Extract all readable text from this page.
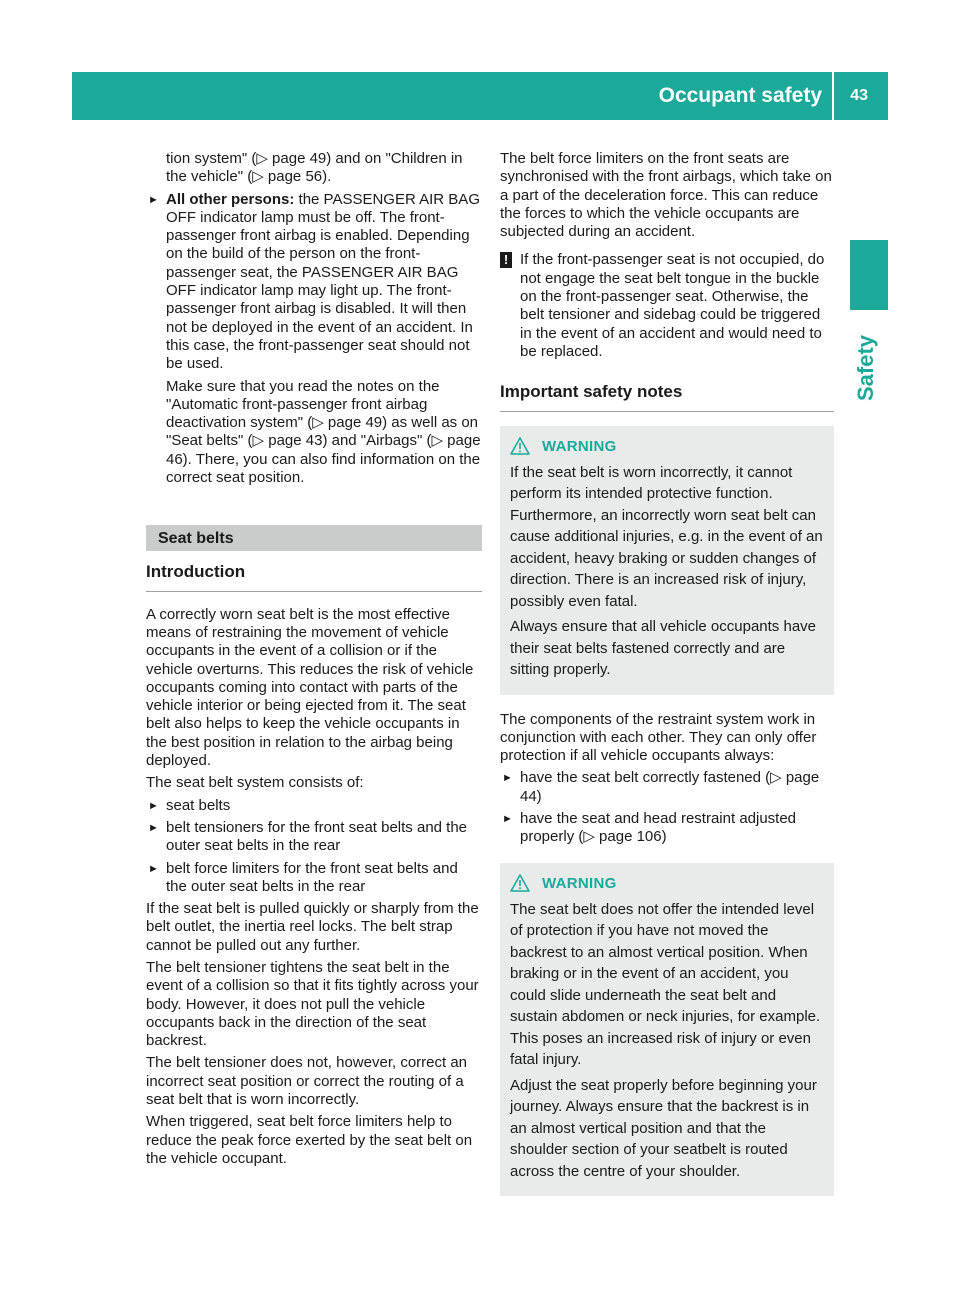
Occupant safety 43
Safety

tion system" (▷ page 49) and on "Children in the vehicle" (▷ page 56).

► All other persons: the PASSENGER AIR BAG OFF indicator lamp must be off. The front-passenger front airbag is enabled. Depending on the build of the person on the front-passenger seat, the PASSENGER AIR BAG OFF indicator lamp may light up. The front-passenger front airbag is disabled. It will then not be deployed in the event of an accident. In this case, the front-passenger seat should not be used.

Make sure that you read the notes on the "Automatic front-passenger front airbag deactivation system" (▷ page 49) as well as on "Seat belts" (▷ page 43) and "Airbags" (▷ page 46). There, you can also find information on the correct seat position.

Seat belts
Introduction

A correctly worn seat belt is the most effective means of restraining the movement of vehicle occupants in the event of a collision or if the vehicle overturns. This reduces the risk of vehicle occupants coming into contact with parts of the vehicle interior or being ejected from it. The seat belt also helps to keep the vehicle occupants in the best position in relation to the airbag being deployed.

The seat belt system consists of:

► seat belts
► belt tensioners for the front seat belts and the outer seat belts in the rear
► belt force limiters for the front seat belts and the outer seat belts in the rear

If the seat belt is pulled quickly or sharply from the belt outlet, the inertia reel locks. The belt strap cannot be pulled out any further.

The belt tensioner tightens the seat belt in the event of a collision so that it fits tightly across your body. However, it does not pull the vehicle occupants back in the direction of the seat backrest.

The belt tensioner does not, however, correct an incorrect seat position or correct the routing of a seat belt that is worn incorrectly.

When triggered, seat belt force limiters help to reduce the peak force exerted by the seat belt on the vehicle occupant.

The belt force limiters on the front seats are synchronised with the front airbags, which take on a part of the deceleration force. This can reduce the forces to which the vehicle occupants are subjected during an accident.

! If the front-passenger seat is not occupied, do not engage the seat belt tongue in the buckle on the front-passenger seat. Otherwise, the belt tensioner and sidebag could be triggered in the event of an accident and would need to be replaced.
Important safety notes
WARNING

If the seat belt is worn incorrectly, it cannot perform its intended protective function. Furthermore, an incorrectly worn seat belt can cause additional injuries, e.g. in the event of an accident, heavy braking or sudden changes of direction. There is an increased risk of injury, possibly even fatal.

Always ensure that all vehicle occupants have their seat belts fastened correctly and are sitting properly.

The components of the restraint system work in conjunction with each other. They can only offer protection if all vehicle occupants always:

► have the seat belt correctly fastened (▷ page 44)
► have the seat and head restraint adjusted properly (▷ page 106)
WARNING

The seat belt does not offer the intended level of protection if you have not moved the backrest to an almost vertical position. When braking or in the event of an accident, you could slide underneath the seat belt and sustain abdomen or neck injuries, for example. This poses an increased risk of injury or even fatal injury.

Adjust the seat properly before beginning your journey. Always ensure that the backrest is in an almost vertical position and that the shoulder section of your seatbelt is routed across the centre of your shoulder.
